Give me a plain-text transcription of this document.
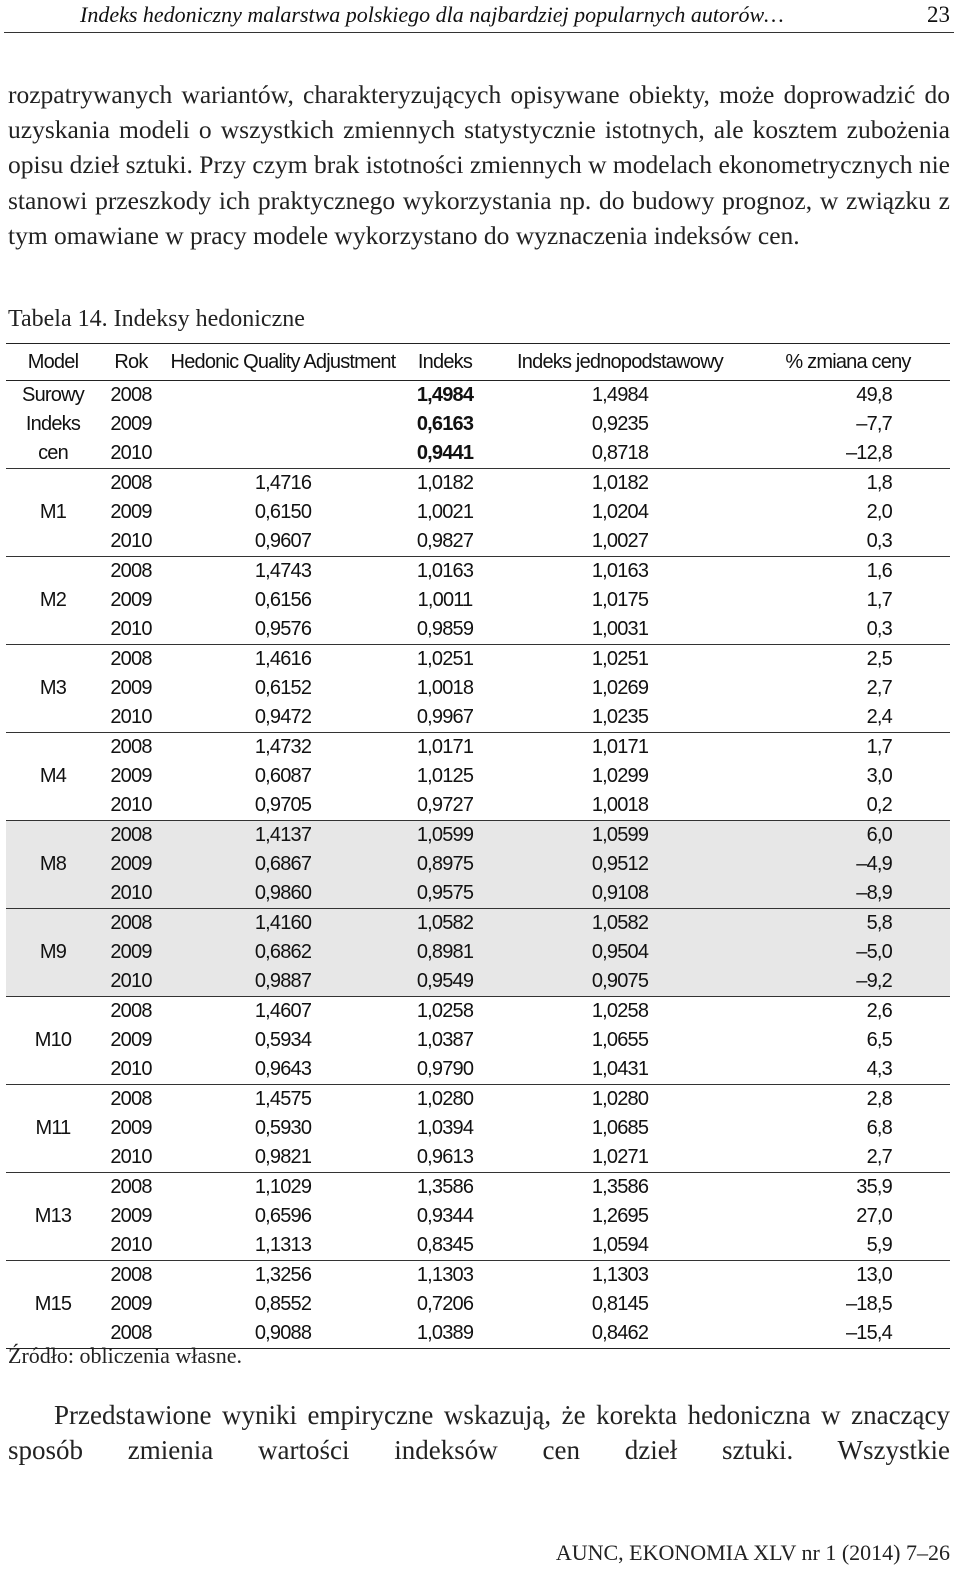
Indeks hedoniczny malarstwa polskiego dla najbardziej popularnych autorów…	23
rozpatrywanych wariantów, charakteryzujących opisywane obiekty, może doprowadzić do uzyskania modeli o wszystkich zmiennych statystycznie istotnych, ale kosztem zubożenia opisu dzieł sztuki. Przy czym brak istotności zmiennych w modelach ekonometrycznych nie stanowi przeszkody ich praktycznego wykorzystania np. do budowy prognoz, w związku z tym omawiane w pracy modele wykorzystano do wyznaczenia indeksów cen.
Tabela 14. Indeksy hedoniczne
Model	Rok	Hedonic Quality Adjustment	Indeks	Indeks jednopodstawowy	% zmiana ceny
Surowy	2008		1,4984	1,4984	49,8
Indeks	2009		0,6163	0,9235	–7,7
cen	2010		0,9441	0,8718	–12,8
	2008	1,4716	1,0182	1,0182	1,8
M1	2009	0,6150	1,0021	1,0204	2,0
	2010	0,9607	0,9827	1,0027	0,3
	2008	1,4743	1,0163	1,0163	1,6
M2	2009	0,6156	1,0011	1,0175	1,7
	2010	0,9576	0,9859	1,0031	0,3
	2008	1,4616	1,0251	1,0251	2,5
M3	2009	0,6152	1,0018	1,0269	2,7
	2010	0,9472	0,9967	1,0235	2,4
	2008	1,4732	1,0171	1,0171	1,7
M4	2009	0,6087	1,0125	1,0299	3,0
	2010	0,9705	0,9727	1,0018	0,2
	2008	1,4137	1,0599	1,0599	6,0
M8	2009	0,6867	0,8975	0,9512	–4,9
	2010	0,9860	0,9575	0,9108	–8,9
	2008	1,4160	1,0582	1,0582	5,8
M9	2009	0,6862	0,8981	0,9504	–5,0
	2010	0,9887	0,9549	0,9075	–9,2
	2008	1,4607	1,0258	1,0258	2,6
M10	2009	0,5934	1,0387	1,0655	6,5
	2010	0,9643	0,9790	1,0431	4,3
	2008	1,4575	1,0280	1,0280	2,8
M11	2009	0,5930	1,0394	1,0685	6,8
	2010	0,9821	0,9613	1,0271	2,7
	2008	1,1029	1,3586	1,3586	35,9
M13	2009	0,6596	0,9344	1,2695	27,0
	2010	1,1313	0,8345	1,0594	5,9
	2008	1,3256	1,1303	1,1303	13,0
M15	2009	0,8552	0,7206	0,8145	–18,5
	2008	0,9088	1,0389	0,8462	–15,4
Źródło: obliczenia własne.
Przedstawione wyniki empiryczne wskazują, że korekta hedoniczna w znaczący sposób zmienia wartości indeksów cen dzieł sztuki. Wszystkie
AUNC, EKONOMIA XLV nr 1 (2014) 7–26
